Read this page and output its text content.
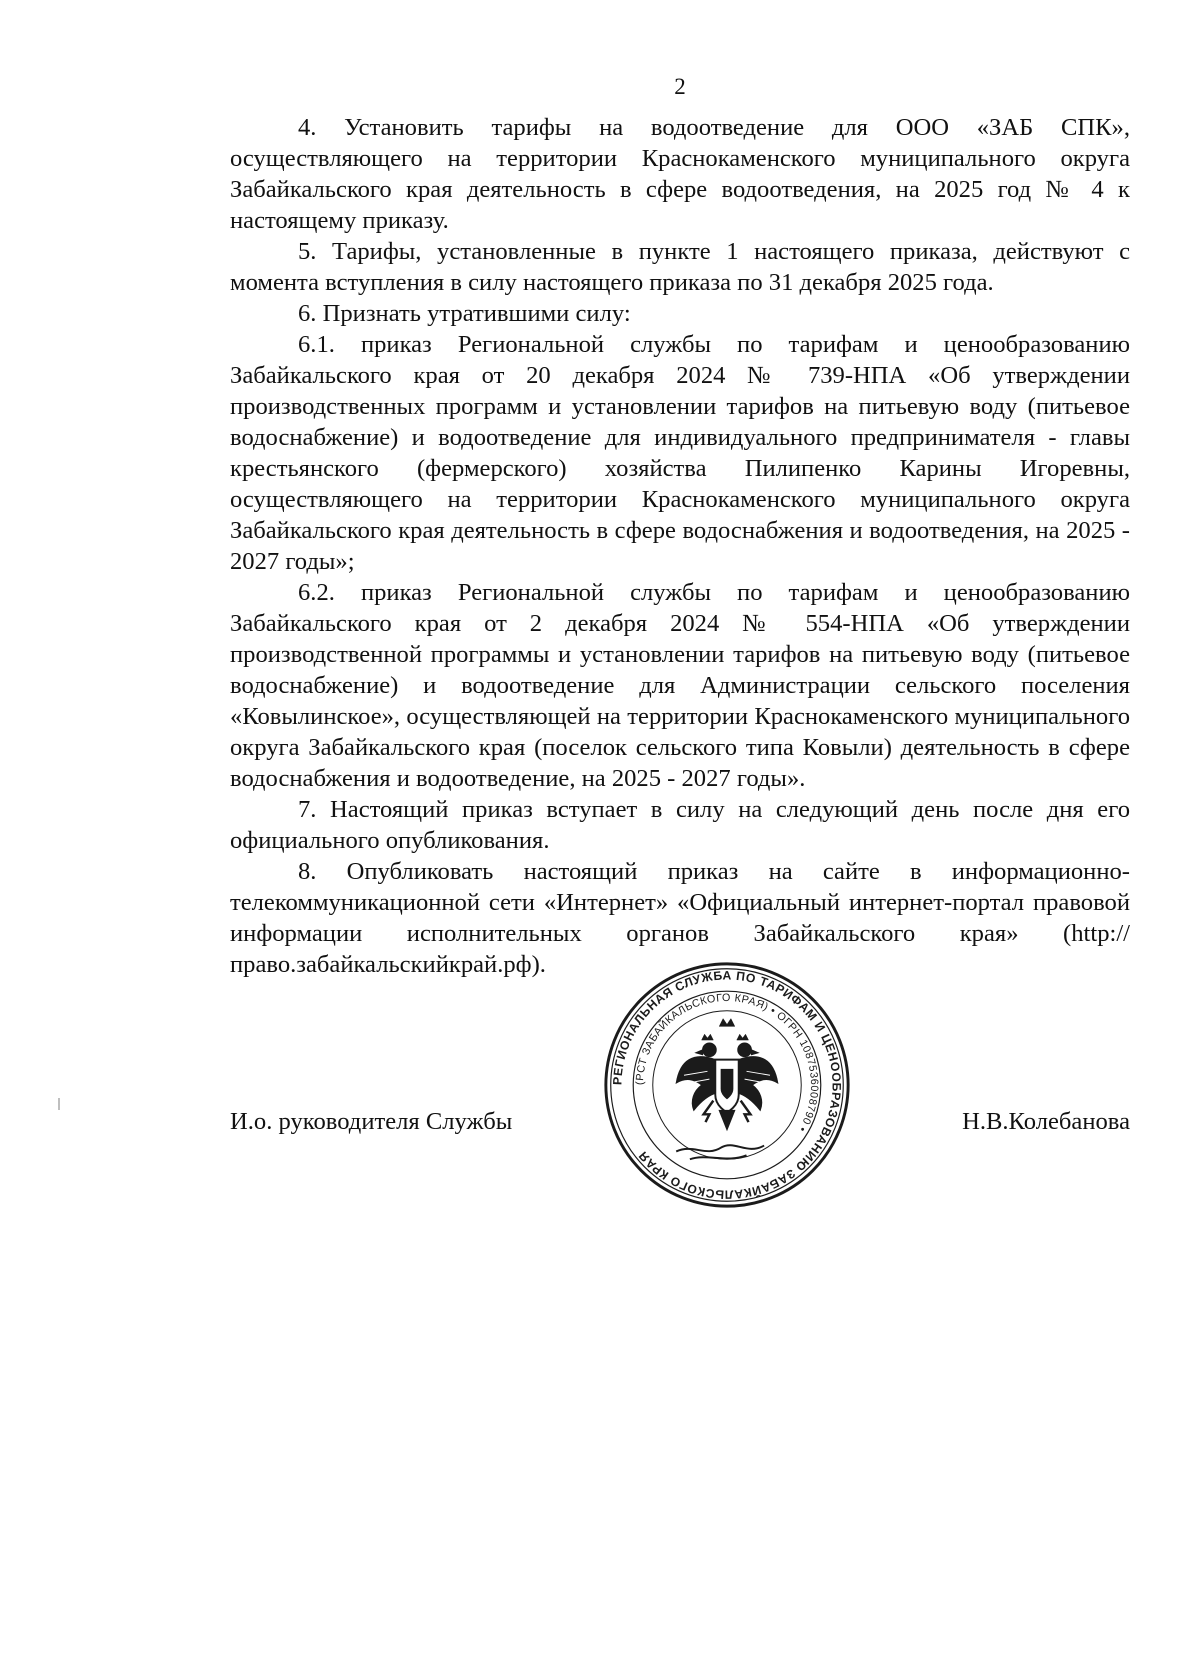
2

4. Установить тарифы на водоотведение для ООО «ЗАБ СПК», осуществляющего на территории Краснокаменского муниципального округа Забайкальского края деятельность в сфере водоотведения, на 2025 год № 4 к настоящему приказу.

5. Тарифы, установленные в пункте 1 настоящего приказа, действуют с момента вступления в силу настоящего приказа по 31 декабря 2025 года.

6. Признать утратившими силу:

6.1. приказ Региональной службы по тарифам и ценообразованию Забайкальского края от 20 декабря 2024 № 739-НПА «Об утверждении производственных программ и установлении тарифов на питьевую воду (питьевое водоснабжение) и водоотведение для индивидуального предпринимателя - главы крестьянского (фермерского) хозяйства Пилипенко Карины Игоревны, осуществляющего на территории Краснокаменского муниципального округа Забайкальского края деятельность в сфере водоснабжения и водоотведения, на 2025 - 2027 годы»;

6.2. приказ Региональной службы по тарифам и ценообразованию Забайкальского края от 2 декабря 2024 № 554-НПА «Об утверждении производственной программы и установлении тарифов на питьевую воду (питьевое водоснабжение) и водоотведение для Администрации сельского поселения «Ковылинское», осуществляющей на территории Краснокаменского муниципального округа Забайкальского края (поселок сельского типа Ковыли) деятельность в сфере водоснабжения и водоотведение, на 2025 - 2027 годы».

7. Настоящий приказ вступает в силу на следующий день после дня его официального опубликования.

8. Опубликовать настоящий приказ на сайте в информационно-телекоммуникационной сети «Интернет» «Официальный интернет-портал правовой информации исполнительных органов Забайкальского края» (http://право.забайкальскийкрай.рф).

РЕГИОНАЛЬНАЯ СЛУЖБА ПО ТАРИФАМ И ЦЕНООБРАЗОВАНИЮ ЗАБАЙКАЛЬСКОГО КРАЯ
(РСТ ЗАБАЙКАЛЬСКОГО КРАЯ) • ОГРН 1087536008790 •
И.о. руководителя Службы	Н.В.Колебанова
